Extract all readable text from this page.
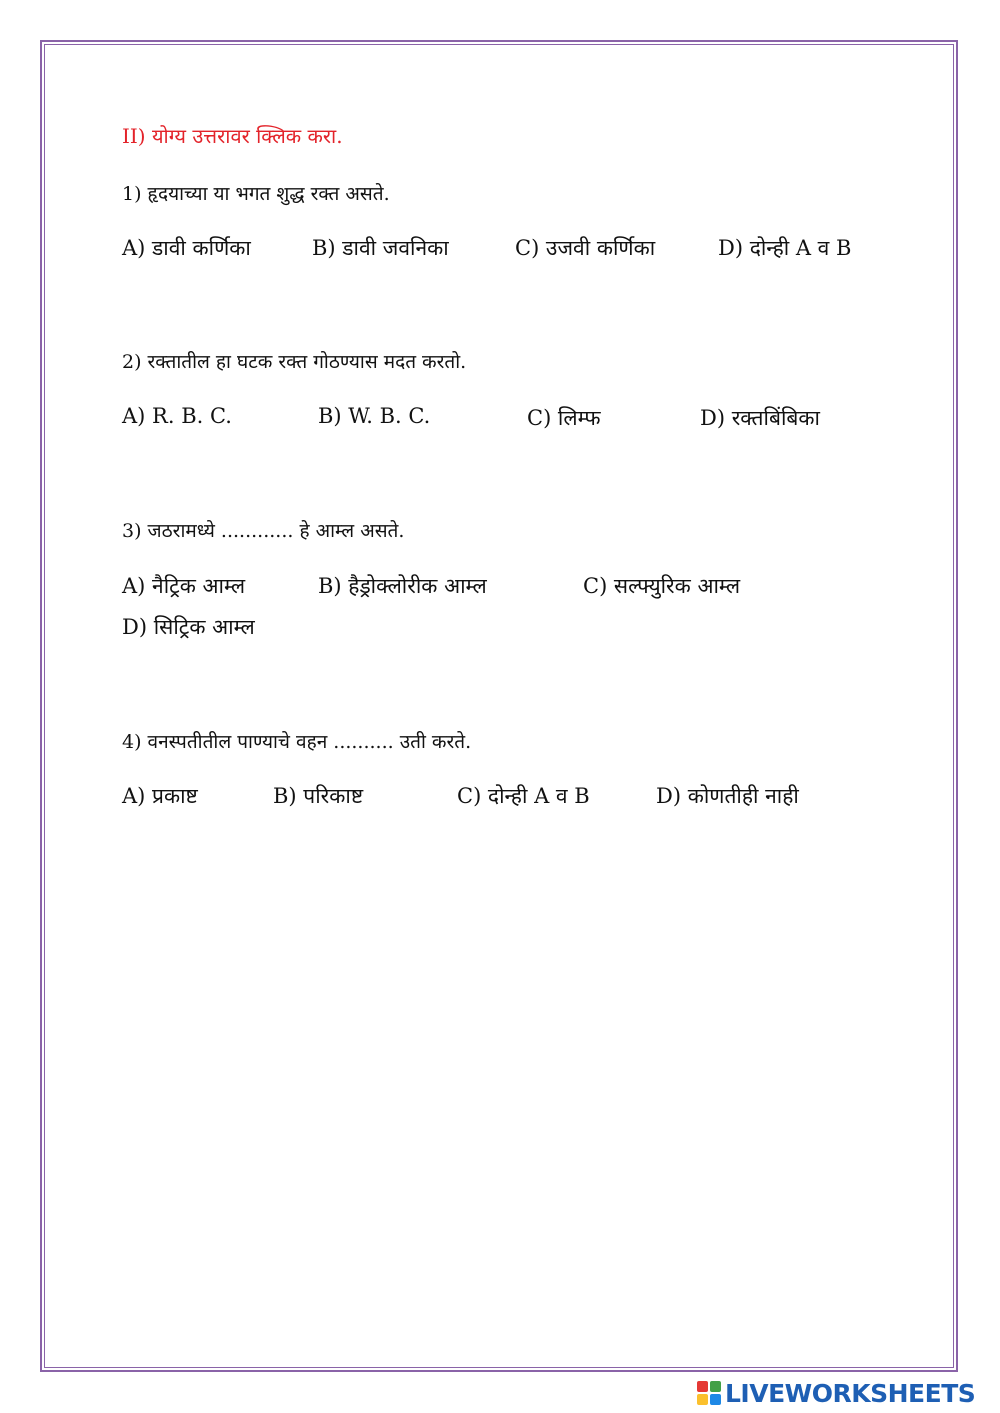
II) योग्य उत्तरावर क्लिक करा.
1) हृदयाच्या या भगत शुद्ध रक्त असते.
A) डावी कर्णिका	B) डावी जवनिका	C) उजवी कर्णिका	D) दोन्ही A व B
2) रक्तातील हा घटक रक्त गोठण्यास मदत करतो.
A) R. B. C.	B) W. B. C.	C) लिम्फ	D) रक्तबिंबिका
3) जठरामध्ये ............ हे आम्ल असते.
A) नैट्रिक आम्ल	B) हैड्रोक्लोरीक आम्ल	C) सल्फ्युरिक आम्ल
D) सिट्रिक आम्ल
4) वनस्पतीतील पाण्याचे वहन .......... उती करते.
A) प्रकाष्ट	B) परिकाष्ट	C) दोन्ही A व B	D) कोणतीही नाही
LIVEWORKSHEETS
